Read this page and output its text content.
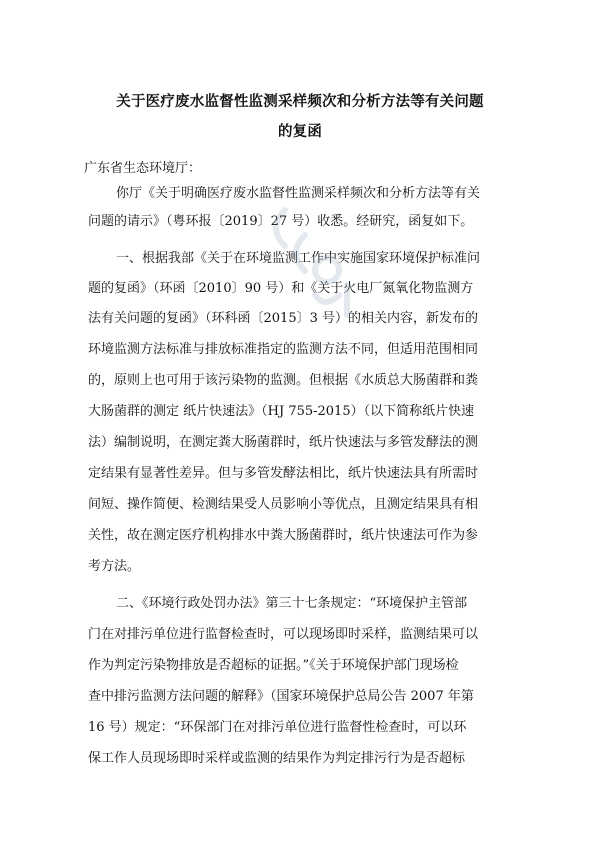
关于医疗废水监督性监测采样频次和分析方法等有关问题
的复函
广东省生态环境厅：
你厅《关于明确医疗废水监督性监测采样频次和分析方法等有关
问题的请示》（粤环报〔2019〕27 号）收悉。经研究，函复如下。
一、根据我部《关于在环境监测工作中实施国家环境保护标准问
题的复函》（环函〔2010〕90 号）和《关于火电厂氮氧化物监测方
法有关问题的复函》（环科函〔2015〕3 号）的相关内容，新发布的
环境监测方法标准与排放标准指定的监测方法不同，但适用范围相同
的，原则上也可用于该污染物的监测。但根据《水质总大肠菌群和粪
大肠菌群的测定 纸片快速法》（HJ 755-2015）（以下简称纸片快速
法）编制说明，在测定粪大肠菌群时，纸片快速法与多管发酵法的测
定结果有显著性差异。但与多管发酵法相比，纸片快速法具有所需时
间短、操作简便、检测结果受人员影响小等优点，且测定结果具有相
关性，故在测定医疗机构排水中粪大肠菌群时，纸片快速法可作为参
考方法。
二、《环境行政处罚办法》第三十七条规定：“环境保护主管部
门在对排污单位进行监督检查时，可以现场即时采样，监测结果可以
作为判定污染物排放是否超标的证据。”《关于环境保护部门现场检
查中排污监测方法问题的解释》（国家环境保护总局公告 2007 年第
16 号）规定：“环保部门在对排污单位进行监督性检查时，可以环
保工作人员现场即时采样或监测的结果作为判定排污行为是否超标
